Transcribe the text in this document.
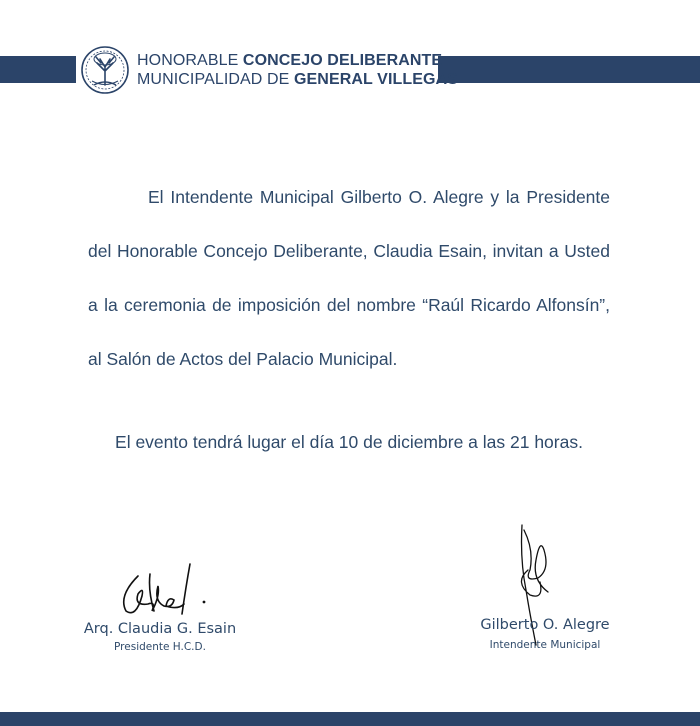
HONORABLE CONCEJO DELIBERANTE
MUNICIPALIDAD DE GENERAL VILLEGAS

El Intendente Municipal Gilberto O. Alegre y la Presidente del Honorable Concejo Deliberante, Claudia Esain, invitan a Usted a la ceremonia de imposición del nombre “Raúl Ricardo Alfonsín”, al Salón de Actos del Palacio Municipal.

El evento tendrá lugar el día 10 de diciembre a las 21 horas.
Arq. Claudia G. Esain
Presidente H.C.D.
Gilberto O. Alegre
Intendente Municipal
